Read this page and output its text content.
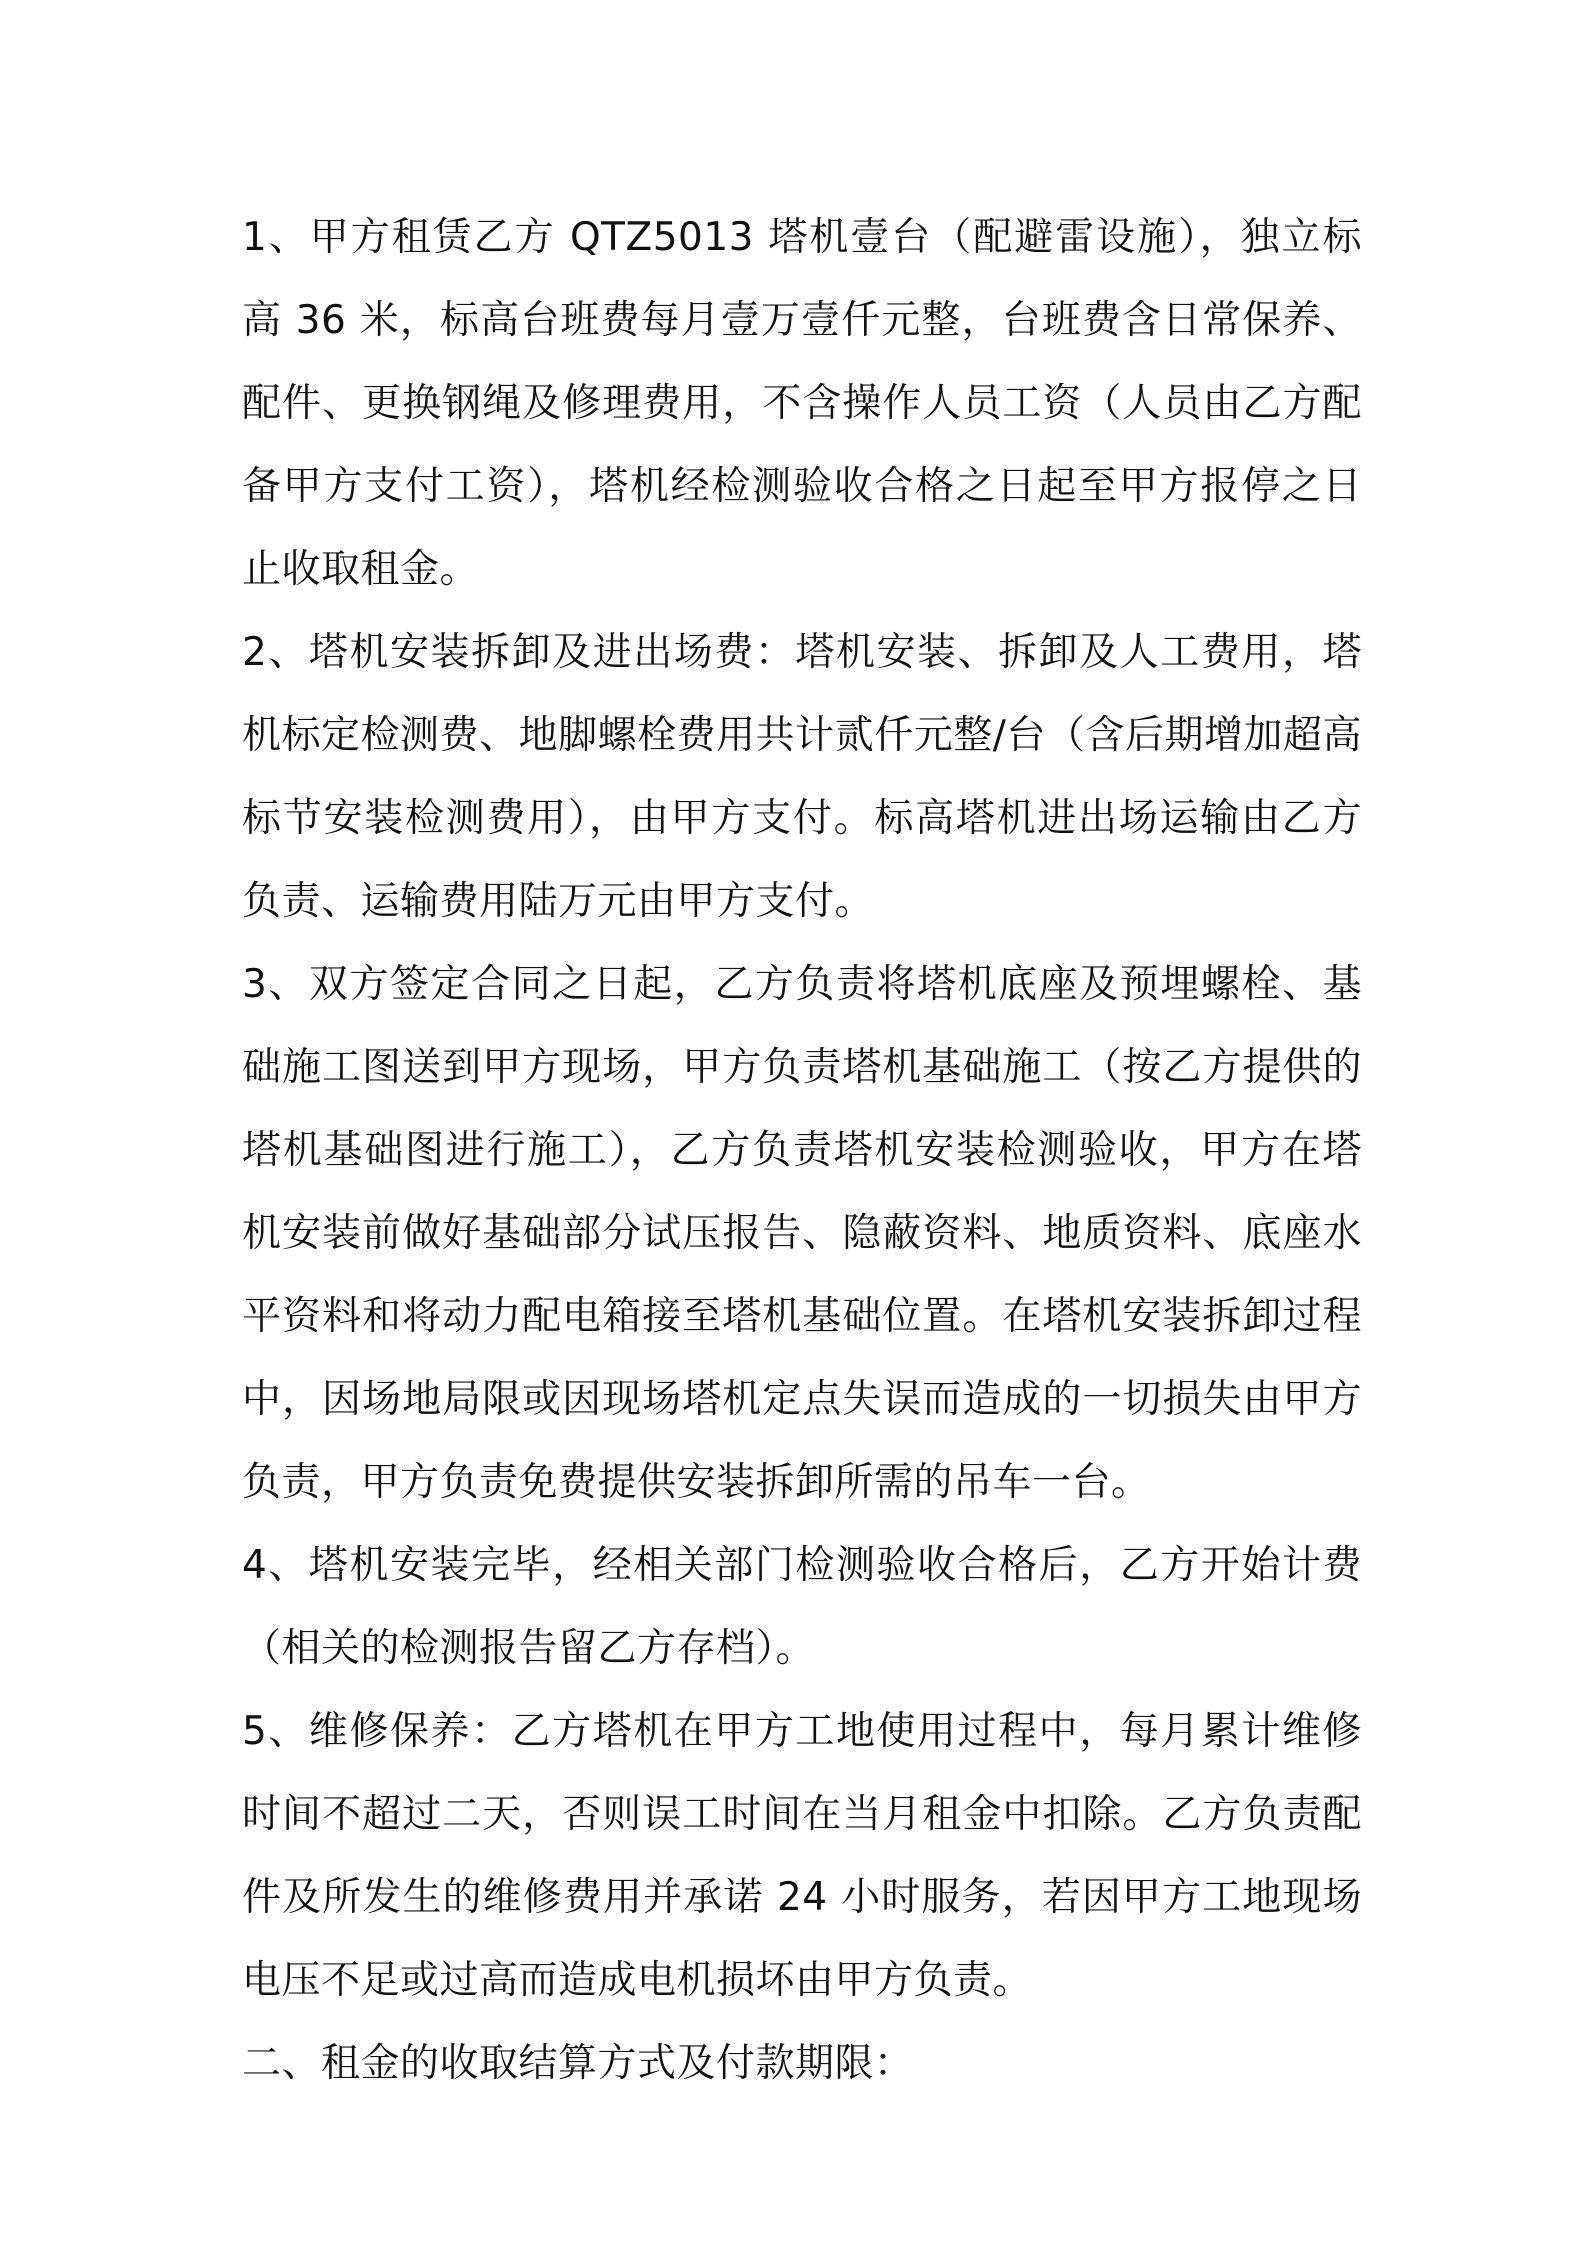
1、甲方租赁乙方 QTZ5013 塔机壹台（配避雷设施），独立标高 36 米，标高台班费每月壹万壹仟元整，台班费含日常保养、配件、更换钢绳及修理费用，不含操作人员工资（人员由乙方配备甲方支付工资），塔机经检测验收合格之日起至甲方报停之日止收取租金。

2、塔机安装拆卸及进出场费：塔机安装、拆卸及人工费用，塔机标定检测费、地脚螺栓费用共计贰仟元整/台（含后期增加超高标节安装检测费用），由甲方支付。标高塔机进出场运输由乙方负责、运输费用陆万元由甲方支付。

3、双方签定合同之日起，乙方负责将塔机底座及预埋螺栓、基础施工图送到甲方现场，甲方负责塔机基础施工（按乙方提供的塔机基础图进行施工），乙方负责塔机安装检测验收，甲方在塔机安装前做好基础部分试压报告、隐蔽资料、地质资料、底座水平资料和将动力配电箱接至塔机基础位置。在塔机安装拆卸过程中，因场地局限或因现场塔机定点失误而造成的一切损失由甲方负责，甲方负责免费提供安装拆卸所需的吊车一台。

4、塔机安装完毕，经相关部门检测验收合格后，乙方开始计费（相关的检测报告留乙方存档）。

5、维修保养：乙方塔机在甲方工地使用过程中，每月累计维修时间不超过二天，否则误工时间在当月租金中扣除。乙方负责配件及所发生的维修费用并承诺 24 小时服务，若因甲方工地现场电压不足或过高而造成电机损坏由甲方负责。

二、租金的收取结算方式及付款期限：
